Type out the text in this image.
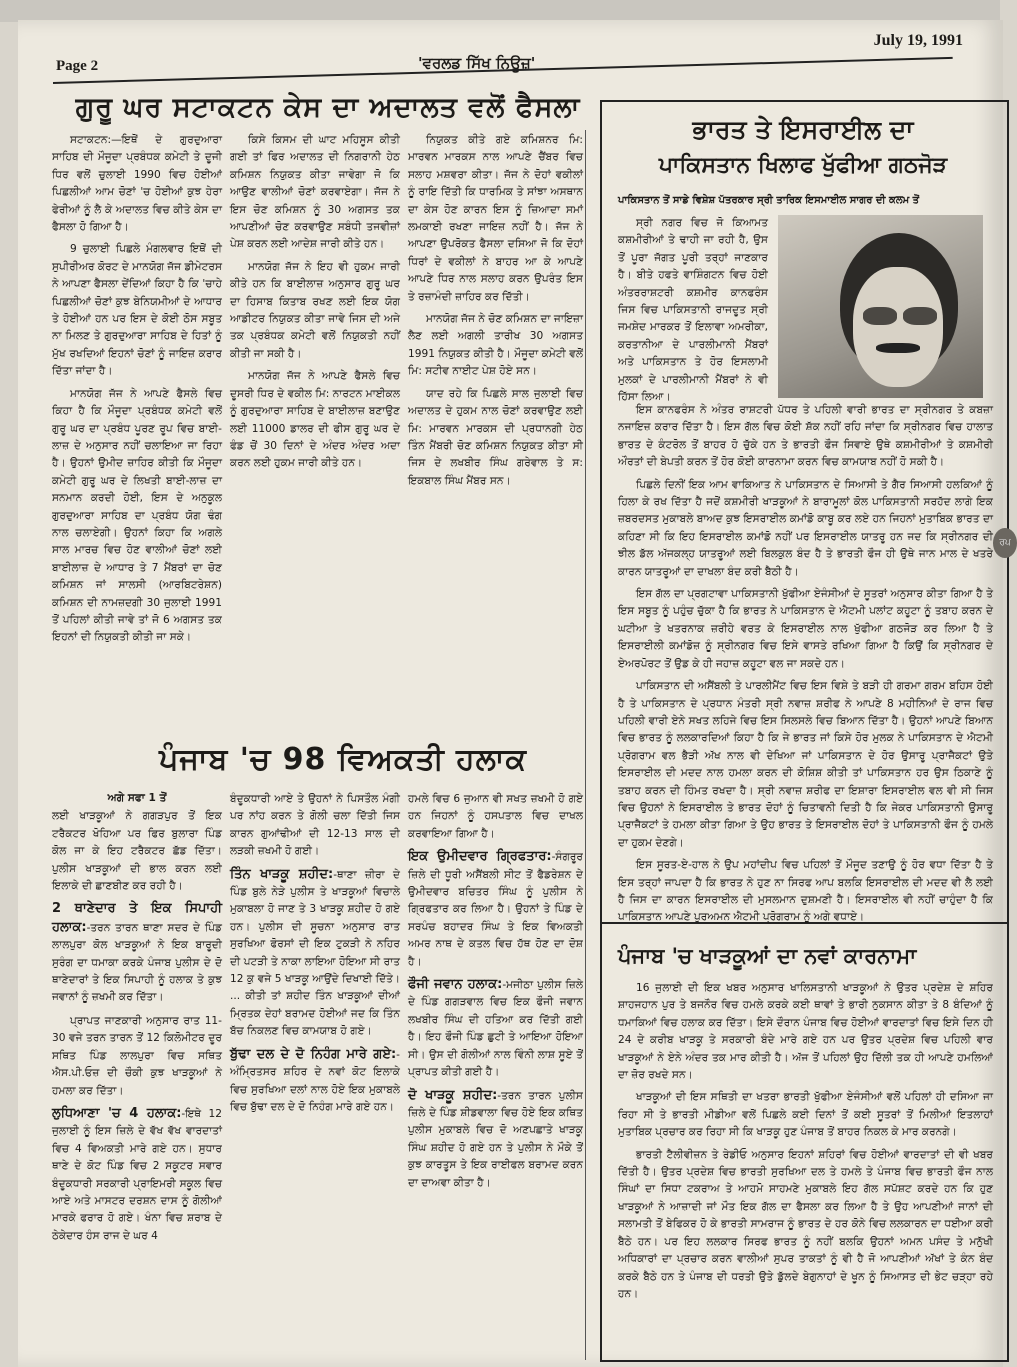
July 19, 1991
Page 2	'ਵਰਲਡ ਸਿੱਖ ਨਿਊਜ਼'
ਗੁਰੂ ਘਰ ਸਟਾਕਟਨ ਕੇਸ ਦਾ ਅਦਾਲਤ ਵਲੋਂ ਫੈਸਲਾ

ਸਟਾਕਟਨ:—ਇਥੋਂ ਦੇ ਗੁਰਦੁਆਰਾ ਸਾਹਿਬ ਦੀ ਮੌਜੂਦਾ ਪ੍ਰਬੰਧਕ ਕਮੇਟੀ ਤੇ ਦੂਜੀ ਧਿਰ ਵਲੋਂ ਚੁਲਾਈ 1990 ਵਿਚ ਹੋਈਆਂ ਪਿਛਲੀਆਂ ਆਮ ਚੋਣਾਂ 'ਚ ਹੋਈਆਂ ਕੁਝ ਹੇਰਾ ਫੇਰੀਆਂ ਨੂੰ ਲੈ ਕੇ ਅਦਾਲਤ ਵਿਚ ਕੀਤੇ ਕੇਸ ਦਾ ਫੈਸਲਾ ਹੋ ਗਿਆ ਹੈ।

9 ਚੁਲਾਈ ਪਿਛਲੇ ਮੰਗਲਵਾਰ ਇਥੋਂ ਦੀ ਸੁਪੀਰੀਅਰ ਕੋਰਟ ਦੇ ਮਾਨਯੋਗ ਜੱਜ ਡੀਮੇਟਰਸ ਨੇ ਆਪਣਾ ਫੈਸਲਾ ਦੇਂਦਿਆਂ ਕਿਹਾ ਹੈ ਕਿ 'ਚਾਹੇ ਪਿਛਲੀਆਂ ਚੋਣਾਂ ਕੁਝ ਬੇਨਿਯਮੀਆਂ ਦੇ ਆਧਾਰ ਤੇ ਹੋਈਆਂ ਹਨ ਪਰ ਇਸ ਦੇ ਕੋਈ ਠੋਸ ਸਬੂਤ ਨਾ ਮਿਲਣ ਤੇ ਗੁਰਦੁਆਰਾ ਸਾਹਿਬ ਦੇ ਹਿਤਾਂ ਨੂੰ ਮੁੱਖ ਰਖਦਿਆਂ ਇਹਨਾਂ ਚੋਣਾਂ ਨੂੰ ਜਾਇਜ਼ ਕਰਾਰ ਦਿੱਤਾ ਜਾਂਦਾ ਹੈ।

ਮਾਨਯੋਗ ਜੱਜ ਨੇ ਆਪਣੇ ਫੈਸਲੇ ਵਿਚ ਕਿਹਾ ਹੈ ਕਿ ਮੌਜੂਦਾ ਪ੍ਰਬੰਧਕ ਕਮੇਟੀ ਵਲੋਂ ਗੁਰੂ ਘਰ ਦਾ ਪ੍ਰਬੰਧ ਪੂਰਣ ਰੂਪ ਵਿਚ ਬਾਈ-ਲਾਜ਼ ਦੇ ਅਨੁਸਾਰ ਨਹੀਂ ਚਲਾਇਆ ਜਾ ਰਿਹਾ ਹੈ। ਉਹਨਾਂ ਉਮੀਦ ਜ਼ਾਹਿਰ ਕੀਤੀ ਕਿ ਮੌਜੂਦਾ ਕਮੇਟੀ ਗੁਰੂ ਘਰ ਦੇ ਲਿਖਤੀ ਬਾਈ-ਲਾਜ਼ ਦਾ ਸਨਮਾਨ ਕਰਦੀ ਹੋਈ, ਇਸ ਦੇ ਅਨੁਕੂਲ ਗੁਰਦੁਆਰਾ ਸਾਹਿਬ ਦਾ ਪ੍ਰਬੰਧ ਯੋਗ ਢੰਗ ਨਾਲ ਚਲਾਏਗੀ। ਉਹਨਾਂ ਕਿਹਾ ਕਿ ਅਗਲੇ ਸਾਲ ਮਾਰਚ ਵਿਚ ਹੋਣ ਵਾਲੀਆਂ ਚੋਣਾਂ ਲਈ ਬਾਈਲਾਜ਼ ਦੇ ਆਧਾਰ ਤੇ 7 ਮੈਂਬਰਾਂ ਦਾ ਚੋਣ ਕਮਿਸ਼ਨ ਜਾਂ ਸਾਲਸੀ (ਆਰਬਿਟਰੇਸ਼ਨ) ਕਮਿਸ਼ਨ ਦੀ ਨਾਮਜ਼ਦਗੀ 30 ਜੁਲਾਈ 1991 ਤੋਂ ਪਹਿਲਾਂ ਕੀਤੀ ਜਾਵੇ ਤਾਂ ਜੋ 6 ਅਗਸਤ ਤਕ ਇਹਨਾਂ ਦੀ ਨਿਯੁਕਤੀ ਕੀਤੀ ਜਾ ਸਕੇ।

ਕਿਸੇ ਕਿਸਮ ਦੀ ਘਾਟ ਮਹਿਸੂਸ ਕੀਤੀ ਗਈ ਤਾਂ ਫਿਰ ਅਦਾਲਤ ਦੀ ਨਿਗਰਾਨੀ ਹੇਠ ਕਮਿਸ਼ਨ ਨਿਯੁਕਤ ਕੀਤਾ ਜਾਵੇਗਾ ਜੋ ਕਿ ਆਉਣ ਵਾਲੀਆਂ ਚੋਣਾਂ ਕਰਵਾਏਗਾ। ਜੱਜ ਨੇ ਇਸ ਚੋਣ ਕਮਿਸ਼ਨ ਨੂੰ 30 ਅਗਸਤ ਤਕ ਆਪਣੀਆਂ ਚੋਣ ਕਰਵਾਉਣ ਸਬੰਧੀ ਤਜਵੀਜ਼ਾਂ ਪੇਸ਼ ਕਰਨ ਲਈ ਆਦੇਸ਼ ਜਾਰੀ ਕੀਤੇ ਹਨ।

ਮਾਨਯੋਗ ਜੱਜ ਨੇ ਇਹ ਵੀ ਹੁਕਮ ਜਾਰੀ ਕੀਤੇ ਹਨ ਕਿ ਬਾਈਲਾਜ਼ ਅਨੁਸਾਰ ਗੁਰੂ ਘਰ ਦਾ ਹਿਸਾਬ ਕਿਤਾਬ ਰਖਣ ਲਈ ਇਕ ਯੋਗ ਆਡੀਟਰ ਨਿਯੁਕਤ ਕੀਤਾ ਜਾਵੇ ਜਿਸ ਦੀ ਅਜੇ ਤਕ ਪ੍ਰਬੰਧਕ ਕਮੇਟੀ ਵਲੋਂ ਨਿਯੁਕਤੀ ਨਹੀਂ ਕੀਤੀ ਜਾ ਸਕੀ ਹੈ।

ਮਾਨਯੋਗ ਜੱਜ ਨੇ ਆਪਣੇ ਫੈਸਲੇ ਵਿਚ ਦੂਸਰੀ ਧਿਰ ਦੇ ਵਕੀਲ ਮਿ: ਨਾਰਟਨ ਮਾਈਕਲ ਨੂੰ ਗੁਰਦੁਆਰਾ ਸਾਹਿਬ ਦੇ ਬਾਈਲਾਜ਼ ਬਣਾਉਣ ਲਈ 11000 ਡਾਲਰ ਦੀ ਫੀਸ ਗੁਰੂ ਘਰ ਦੇ ਫੰਡ ਚੋਂ 30 ਦਿਨਾਂ ਦੇ ਅੰਦਰ ਅੰਦਰ ਅਦਾ ਕਰਨ ਲਈ ਹੁਕਮ ਜਾਰੀ ਕੀਤੇ ਹਨ।

ਨਿਯੁਕਤ ਕੀਤੇ ਗਏ ਕਮਿਸ਼ਨਰ ਮਿ: ਮਾਰਵਨ ਮਾਰਕਸ ਨਾਲ ਆਪਣੇ ਚੈਂਬਰ ਵਿਚ ਸਲਾਹ ਮਸ਼ਵਰਾ ਕੀਤਾ। ਜੱਜ ਨੇ ਦੋਹਾਂ ਵਕੀਲਾਂ ਨੂੰ ਰਾਇ ਦਿੱਤੀ ਕਿ ਧਾਰਮਿਕ ਤੇ ਸਾਂਝਾ ਅਸਥਾਨ ਦਾ ਕੇਸ ਹੋਣ ਕਾਰਨ ਇਸ ਨੂੰ ਜ਼ਿਆਦਾ ਸਮਾਂ ਲਮਕਾਈ ਰਖਣਾ ਜਾਇਜ਼ ਨਹੀਂ ਹੈ। ਜੱਜ ਨੇ ਆਪਣਾ ਉਪਰੋਕਤ ਫੈਸਲਾ ਦਸਿਆ ਜੋ ਕਿ ਦੋਹਾਂ ਧਿਰਾਂ ਦੇ ਵਕੀਲਾਂ ਨੇ ਬਾਹਰ ਆ ਕੇ ਆਪਣੇ ਆਪਣੇ ਧਿਰ ਨਾਲ ਸਲਾਹ ਕਰਨ ਉਪਰੰਤ ਇਸ ਤੇ ਰਜ਼ਾਮੰਦੀ ਜ਼ਾਹਿਰ ਕਰ ਦਿੱਤੀ।

ਮਾਨਯੋਗ ਜੱਜ ਨੇ ਚੋਣ ਕਮਿਸ਼ਨ ਦਾ ਜਾਇਜ਼ਾ ਲੈਣ ਲਈ ਅਗਲੀ ਤਾਰੀਖ 30 ਅਗਸਤ 1991 ਨਿਯੁਕਤ ਕੀਤੀ ਹੈ। ਮੌਜੂਦਾ ਕਮੇਟੀ ਵਲੋਂ ਮਿ: ਸਟੀਵ ਨਾਈਟ ਪੇਸ਼ ਹੋਏ ਸਨ।

ਯਾਦ ਰਹੇ ਕਿ ਪਿਛਲੇ ਸਾਲ ਜੁਲਾਈ ਵਿਚ ਅਦਾਲਤ ਦੇ ਹੁਕਮ ਨਾਲ ਚੋਣਾਂ ਕਰਵਾਉਣ ਲਈ ਮਿ: ਮਾਰਵਨ ਮਾਰਕਸ ਦੀ ਪ੍ਰਧਾਨਗੀ ਹੇਠ ਤਿੰਨ ਮੈਂਬਰੀ ਚੋਣ ਕਮਿਸ਼ਨ ਨਿਯੁਕਤ ਕੀਤਾ ਸੀ ਜਿਸ ਦੇ ਲਖਬੀਰ ਸਿੰਘ ਗਰੇਵਾਲ ਤੇ ਸ: ਇਕਬਾਲ ਸਿੰਘ ਮੈਂਬਰ ਸਨ।

ਪੰਜਾਬ 'ਚ 98 ਵਿਅਕਤੀ ਹਲਾਕ
ਅਗੇ ਸਫਾ 1 ਤੋਂ

ਲਈ ਖਾੜਕੂਆਂ ਨੇ ਗਗੜਪੁਰ ਤੋਂ ਇਕ ਟਰੈਕਟਰ ਖੋਹਿਆ ਪਰ ਫਿਰ ਬੁਲਾਰਾ ਪਿੰਡ ਕੋਲ ਜਾ ਕੇ ਇਹ ਟਰੈਕਟਰ ਛੱਡ ਦਿੱਤਾ। ਪੁਲੀਸ ਖਾੜਕੂਆਂ ਦੀ ਭਾਲ ਕਰਨ ਲਈ ਇਲਾਕੇ ਦੀ ਛਾਣਬੀਣ ਕਰ ਰਹੀ ਹੈ।

2 ਥਾਣੇਦਾਰ ਤੇ ਇਕ ਸਿਪਾਹੀ ਹਲਾਕ:-ਤਰਨ ਤਾਰਨ ਥਾਣਾ ਸਦਰ ਦੇ ਪਿੰਡ ਲਾਲਪੁਰਾ ਕੋਲ ਖਾੜਕੂਆਂ ਨੇ ਇਕ ਬਾਰੂਦੀ ਸੁਰੰਗ ਦਾ ਧਮਾਕਾ ਕਰਕੇ ਪੰਜਾਬ ਪੁਲੀਸ ਦੇ ਦੋ ਥਾਣੇਦਾਰਾਂ ਤੇ ਇਕ ਸਿਪਾਹੀ ਨੂੰ ਹਲਾਕ ਤੇ ਕੁਝ ਜਵਾਨਾਂ ਨੂੰ ਜ਼ਖਮੀ ਕਰ ਦਿੱਤਾ।

ਪ੍ਰਾਪਤ ਜਾਣਕਾਰੀ ਅਨੁਸਾਰ ਰਾਤ 11-30 ਵਜੇ ਤਰਨ ਤਾਰਨ ਤੋਂ 12 ਕਿਲੋਮੀਟਰ ਦੂਰ ਸਥਿਤ ਪਿੰਡ ਲਾਲਪੁਰਾ ਵਿਚ ਸਥਿਤ ਐਸ.ਪੀ.ਓਜ਼ ਦੀ ਚੌਕੀ ਕੁਝ ਖਾੜਕੂਆਂ ਨੇ ਹਮਲਾ ਕਰ ਦਿੱਤਾ।

ਲੁਧਿਆਣਾ 'ਚ 4 ਹਲਾਕ:-ਇਥੇ 12 ਜੁਲਾਈ ਨੂੰ ਇਸ ਜ਼ਿਲੇ ਦੇ ਵੱਖ ਵੱਖ ਵਾਰਦਾਤਾਂ ਵਿਚ 4 ਵਿਅਕਤੀ ਮਾਰੇ ਗਏ ਹਨ। ਸੁਧਾਰ ਥਾਣੇ ਦੇ ਕੋਟ ਪਿੰਡ ਵਿਚ 2 ਸਕੂਟਰ ਸਵਾਰ ਬੰਦੂਕਧਾਰੀ ਸਰਕਾਰੀ ਪ੍ਰਾਇਮਰੀ ਸਕੂਲ ਵਿਚ ਆਏ ਅਤੇ ਮਾਸਟਰ ਦਰਸ਼ਨ ਦਾਸ ਨੂੰ ਗੋਲੀਆਂ ਮਾਰਕੇ ਫਰਾਰ ਹੋ ਗਏ। ਖੰਨਾ ਵਿਚ ਸ਼ਰਾਬ ਦੇ ਠੇਕੇਦਾਰ ਹੰਸ ਰਾਜ ਦੇ ਘਰ 4

ਬੰਦੂਕਧਾਰੀ ਆਏ ਤੇ ਉਹਨਾਂ ਨੇ ਪਿਸਤੌਲ ਮੰਗੀ ਪਰ ਨਾਂਹ ਕਰਨ ਤੇ ਗੋਲੀ ਚਲਾ ਦਿੱਤੀ ਜਿਸ ਕਾਰਨ ਗੁਆਂਢੀਆਂ ਦੀ 12-13 ਸਾਲ ਦੀ ਲੜਕੀ ਜ਼ਖਮੀ ਹੋ ਗਈ।

ਤਿੰਨ ਖਾੜਕੂ ਸ਼ਹੀਦ:-ਥਾਣਾ ਜ਼ੀਰਾ ਦੇ ਪਿੰਡ ਬੁਲੇ ਨੇੜੇ ਪੁਲੀਸ ਤੇ ਖਾੜਕੂਆਂ ਵਿਚਾਲੇ ਮੁਕਾਬਲਾ ਹੋ ਜਾਣ ਤੇ 3 ਖਾੜਕੂ ਸ਼ਹੀਦ ਹੋ ਗਏ ਹਨ। ਪੁਲੀਸ ਦੀ ਸੂਚਨਾ ਅਨੁਸਾਰ ਰਾਤ ਸੁਰਖਿਆ ਫੋਰਸਾਂ ਦੀ ਇਕ ਟੁਕੜੀ ਨੇ ਨਹਿਰ ਦੀ ਪਟੜੀ ਤੇ ਨਾਕਾ ਲਾਇਆ ਹੋਇਆ ਸੀ ਰਾਤ 12 ਕੁ ਵਜੇ 5 ਖਾੜਕੂ ਆਉਂਦੇ ਦਿਖਾਈ ਦਿੱਤੇ। ... ਕੀਤੀ ਤਾਂ ਸ਼ਹੀਦ ਤਿੰਨ ਖਾੜਕੂਆਂ ਦੀਆਂ ਮ੍ਰਿਤਕ ਦੇਹਾਂ ਬਰਾਮਦ ਹੋਈਆਂ ਜਦ ਕਿ ਤਿੰਨ ਬੱਚ ਨਿਕਲਣ ਵਿਚ ਕਾਮਯਾਬ ਹੋ ਗਏ।

ਬੁੱਢਾ ਦਲ ਦੇ ਦੋ ਨਿਹੰਗ ਮਾਰੇ ਗਏ:-ਅੰਮ੍ਰਿਤਸਰ ਸ਼ਹਿਰ ਦੇ ਨਵਾਂ ਕੋਟ ਇਲਾਕੇ ਵਿਚ ਸੁਰਖਿਆ ਦਲਾਂ ਨਾਲ ਹੋਏ ਇਕ ਮੁਕਾਬਲੇ ਵਿਚ ਬੁੱਢਾ ਦਲ ਦੇ ਦੋ ਨਿਹੰਗ ਮਾਰੇ ਗਏ ਹਨ।

ਹਮਲੇ ਵਿਚ 6 ਜੁਆਨ ਵੀ ਸਖਤ ਜ਼ਖਮੀ ਹੋ ਗਏ ਹਨ ਜਿਹਨਾਂ ਨੂੰ ਹਸਪਤਾਲ ਵਿਚ ਦਾਖਲ ਕਰਵਾਇਆ ਗਿਆ ਹੈ।

ਇਕ ਉਮੀਦਵਾਰ ਗ੍ਰਿਫਤਾਰ:-ਸੰਗਰੂਰ ਜ਼ਿਲੇ ਦੀ ਧੂਰੀ ਅਸੈਂਬਲੀ ਸੀਟ ਤੋਂ ਫੈਡਰੇਸ਼ਨ ਦੇ ਉਮੀਦਵਾਰ ਬਚਿਤਰ ਸਿੰਘ ਨੂੰ ਪੁਲੀਸ ਨੇ ਗ੍ਰਿਫਤਾਰ ਕਰ ਲਿਆ ਹੈ। ਉਹਨਾਂ ਤੇ ਪਿੰਡ ਦੇ ਸਰਪੰਚ ਬਹਾਦਰ ਸਿੰਘ ਤੇ ਇਕ ਵਿਅਕਤੀ ਅਮਰ ਨਾਥ ਦੇ ਕਤਲ ਵਿਚ ਹੱਥ ਹੋਣ ਦਾ ਦੋਸ਼ ਹੈ।

ਫੌਜੀ ਜਵਾਨ ਹਲਾਕ:-ਮਜੀਠਾ ਪੁਲੀਸ ਜ਼ਿਲੇ ਦੇ ਪਿੰਡ ਗਗੜਵਾਲ ਵਿਚ ਇਕ ਫੌਜੀ ਜਵਾਨ ਲਖਬੀਰ ਸਿੰਘ ਦੀ ਹਤਿਆ ਕਰ ਦਿੱਤੀ ਗਈ ਹੈ। ਇਹ ਫੌਜੀ ਪਿੰਡ ਛੁਟੀ ਤੇ ਆਇਆ ਹੋਇਆ ਸੀ। ਉਸ ਦੀ ਗੋਲੀਆਂ ਨਾਲ ਵਿੰਨੀ ਲਾਸ਼ ਸੂਏ ਤੋਂ ਪ੍ਰਾਪਤ ਕੀਤੀ ਗਈ ਹੈ।

ਦੋ ਖਾੜਕੂ ਸ਼ਹੀਦ:-ਤਰਨ ਤਾਰਨ ਪੁਲੀਸ ਜ਼ਿਲੇ ਦੇ ਪਿੰਡ ਸ਼ੀਡਵਾਲਾ ਵਿਚ ਹੋਏ ਇਕ ਕਥਿਤ ਪੁਲੀਸ ਮੁਕਾਬਲੇ ਵਿਚ ਦੋ ਅਣਪਛਾਤੇ ਖਾੜਕੂ ਸਿੰਘ ਸ਼ਹੀਦ ਹੋ ਗਏ ਹਨ ਤੇ ਪੁਲੀਸ ਨੇ ਮੌਕੇ ਤੋਂ ਕੁਝ ਕਾਰਤੂਸ ਤੇ ਇਕ ਰਾਈਫਲ ਬਰਾਮਦ ਕਰਨ ਦਾ ਦਾਅਵਾ ਕੀਤਾ ਹੈ।

ਭਾਰਤ ਤੇ ਇਸਰਾਈਲ ਦਾ
ਪਾਕਿਸਤਾਨ ਖਿਲਾਫ ਖੁੱਫੀਆ ਗਠਜੋੜ
ਪਾਕਿਸਤਾਨ ਤੋਂ ਸਾਡੇ ਵਿਸ਼ੇਸ਼ ਪੱਤਰਕਾਰ ਸ੍ਰੀ ਤਾਰਿਕ ਇਸਮਾਈਲ ਸਾਗਰ ਦੀ ਕਲਮ ਤੋਂ

ਸ੍ਰੀ ਨਗਰ ਵਿਚ ਜੋ ਕਿਆਮਤ ਕਸ਼ਮੀਰੀਆਂ ਤੇ ਢਾਹੀ ਜਾ ਰਹੀ ਹੈ, ਉਸ ਤੋਂ ਪੂਰਾ ਜੱਗਤ ਪੂਰੀ ਤਰ੍ਹਾਂ ਜਾਣਕਾਰ ਹੈ। ਬੀਤੇ ਹਫਤੇ ਵਾਸ਼ਿੰਗਟਨ ਵਿਚ ਹੋਈ ਅੰਤਰਰਾਸ਼ਟਰੀ ਕਸ਼ਮੀਰ ਕਾਨਫਰੰਸ ਜਿਸ ਵਿਚ ਪਾਕਿਸਤਾਨੀ ਰਾਜਦੂਤ ਸ੍ਰੀ ਜਮਸ਼ੇਦ ਮਾਰਕਰ ਤੋਂ ਇਲਾਵਾ ਅਮਰੀਕਾ, ਕਰਤਾਨੀਆ ਦੇ ਪਾਰਲੀਮਾਨੀ ਮੈਂਬਰਾਂ ਅਤੇ ਪਾਕਿਸਤਾਨ ਤੇ ਹੋਰ ਇਸਲਾਮੀ ਮੁਲਕਾਂ ਦੇ ਪਾਰਲੀਮਾਨੀ ਮੈਂਬਰਾਂ ਨੇ ਵੀ ਹਿੱਸਾ ਲਿਆ।

ਇਸ ਕਾਨਫਰੰਸ ਨੇ ਅੰਤਰ ਰਾਸ਼ਟਰੀ ਪੱਧਰ ਤੇ ਪਹਿਲੀ ਵਾਰੀ ਭਾਰਤ ਦਾ ਸ੍ਰੀਨਗਰ ਤੇ ਕਬਜ਼ਾ ਨਜਾਇਜ਼ ਕਰਾਰ ਦਿੱਤਾ ਹੈ। ਇਸ ਗੱਲ ਵਿਚ ਕੋਈ ਸ਼ੱਕ ਨਹੀਂ ਰਹਿ ਜਾਂਦਾ ਕਿ ਸ੍ਰੀਨਗਰ ਵਿਚ ਹਾਲਾਤ ਭਾਰਤ ਦੇ ਕੰਟਰੋਲ ਤੋਂ ਬਾਹਰ ਹੋ ਚੁੱਕੇ ਹਨ ਤੇ ਭਾਰਤੀ ਫੌਜ ਸਿਵਾਏ ਉਥੇ ਕਸ਼ਮੀਰੀਆਂ ਤੇ ਕਸ਼ਮੀਰੀ ਔਰਤਾਂ ਦੀ ਬੇਪਤੀ ਕਰਨ ਤੋਂ ਹੋਰ ਕੋਈ ਕਾਰਨਾਮਾ ਕਰਨ ਵਿਚ ਕਾਮਯਾਬ ਨਹੀਂ ਹੋ ਸਕੀ ਹੈ।

ਪਿਛਲੇ ਦਿਨੀਂ ਇਕ ਆਮ ਵਾਕਿਆਤ ਨੇ ਪਾਕਿਸਤਾਨ ਦੇ ਸਿਆਸੀ ਤੇ ਗੈਰ ਸਿਆਸੀ ਹਲਕਿਆਂ ਨੂੰ ਹਿਲਾ ਕੇ ਰਖ ਦਿੱਤਾ ਹੈ ਜਦੋਂ ਕਸ਼ਮੀਰੀ ਖਾੜਕੂਆਂ ਨੇ ਬਾਰਾਮੂਲਾਂ ਕੋਲ ਪਾਕਿਸਤਾਨੀ ਸਰਹੱਦ ਲਾਗੇ ਇਕ ਜ਼ਬਰਦਸਤ ਮੁਕਾਬਲੇ ਬਾਅਦ ਕੁਝ ਇਸਰਾਈਲ ਕਮਾਂਡੋ ਕਾਬੂ ਕਰ ਲਏ ਹਨ ਜਿਹਨਾਂ ਮੁਤਾਬਿਕ ਭਾਰਤ ਦਾ ਕਹਿਣਾ ਸੀ ਕਿ ਇਹ ਇਸਰਾਈਲ ਕਮਾਂਡੋ ਨਹੀਂ ਪਰ ਇਸਰਾਈਲ ਯਾਤਰੂ ਹਨ ਜਦ ਕਿ ਸ੍ਰੀਨਗਰ ਦੀ ਝੀਲ ਡੱਲ ਅੱਜਕਲ੍ਹ ਯਾਤਰੂਆਂ ਲਈ ਬਿਲਕੁਲ ਬੰਦ ਹੈ ਤੇ ਭਾਰਤੀ ਫੌਜ ਹੀ ਉਥੇ ਜਾਨ ਮਾਲ ਦੇ ਖਤਰੇ ਕਾਰਨ ਯਾਤਰੂਆਂ ਦਾ ਦਾਖਲਾ ਬੰਦ ਕਰੀ ਬੈਠੀ ਹੈ।

ਇਸ ਗੱਲ ਦਾ ਪ੍ਰਗਟਾਵਾ ਪਾਕਿਸਤਾਨੀ ਖੁੱਫੀਆ ਏਜੰਸੀਆਂ ਦੇ ਸੂਤਰਾਂ ਅਨੁਸਾਰ ਕੀਤਾ ਗਿਆ ਹੈ ਤੇ ਇਸ ਸਬੂਤ ਨੂੰ ਪਹੁੰਚ ਚੁੱਕਾ ਹੈ ਕਿ ਭਾਰਤ ਨੇ ਪਾਕਿਸਤਾਨ ਦੇ ਐਟਮੀ ਪਲਾਂਟ ਕਹੂਟਾ ਨੂੰ ਤਬਾਹ ਕਰਨ ਦੇ ਘਟੀਆ ਤੇ ਖਤਰਨਾਕ ਜ਼ਰੀਹੇ ਵਰਤ ਕੇ ਇਸਰਾਈਲ ਨਾਲ ਖੁੱਫੀਆ ਗਠਜੋੜ ਕਰ ਲਿਆ ਹੈ ਤੇ ਇਸਰਾਈਲੀ ਕਮਾਂਡੋਜ਼ ਨੂੰ ਸ੍ਰੀਨਗਰ ਵਿਚ ਇਸੇ ਵਾਸਤੇ ਰਖਿਆ ਗਿਆ ਹੈ ਕਿਉਂ ਕਿ ਸ੍ਰੀਨਗਰ ਦੇ ਏਅਰਪੋਰਟ ਤੋਂ ਉਡ ਕੇ ਹੀ ਜਹਾਜ਼ ਕਹੂਟਾ ਵਲ ਜਾ ਸਕਦੇ ਹਨ।

ਪਾਕਿਸਤਾਨ ਦੀ ਅਸੈਂਬਲੀ ਤੇ ਪਾਰਲੀਮੈਂਟ ਵਿਚ ਇਸ ਵਿਸ਼ੇ ਤੇ ਬੜੀ ਹੀ ਗਰਮਾ ਗਰਮ ਬਹਿਸ ਹੋਈ ਹੈ ਤੇ ਪਾਕਿਸਤਾਨ ਦੇ ਪ੍ਰਧਾਨ ਮੰਤਰੀ ਸ੍ਰੀ ਨਵਾਜ਼ ਸ਼ਰੀਫ ਨੇ ਆਪਣੇ 8 ਮਹੀਨਿਆਂ ਦੇ ਰਾਜ ਵਿਚ ਪਹਿਲੀ ਵਾਰੀ ਏਨੇ ਸਖਤ ਲਹਿਜੇ ਵਿਚ ਇਸ ਸਿਲਸਲੇ ਵਿਚ ਬਿਆਨ ਦਿੱਤਾ ਹੈ। ਉਹਨਾਂ ਆਪਣੇ ਬਿਆਨ ਵਿਚ ਭਾਰਤ ਨੂੰ ਲਲਕਾਰਦਿਆਂ ਕਿਹਾ ਹੈ ਕਿ ਜੇ ਭਾਰਤ ਜਾਂ ਕਿਸੇ ਹੋਰ ਮੁਲਕ ਨੇ ਪਾਕਿਸਤਾਨ ਦੇ ਐਟਮੀ ਪ੍ਰੋਗਰਾਮ ਵਲ ਭੈੜੀ ਅੱਖ ਨਾਲ ਵੀ ਦੇਖਿਆ ਜਾਂ ਪਾਕਿਸਤਾਨ ਦੇ ਹੋਰ ਉਸਾਰੂ ਪ੍ਰਾਜੈਕਟਾਂ ਉਤੇ ਇਸਰਾਈਲ ਦੀ ਮਦਦ ਨਾਲ ਹਮਲਾ ਕਰਨ ਦੀ ਕੋਸ਼ਿਸ਼ ਕੀਤੀ ਤਾਂ ਪਾਕਿਸਤਾਨ ਹਰ ਉਸ ਠਿਕਾਣੇ ਨੂੰ ਤਬਾਹ ਕਰਨ ਦੀ ਹਿੰਮਤ ਰਖਦਾ ਹੈ। ਸ੍ਰੀ ਨਵਾਜ਼ ਸ਼ਰੀਫ ਦਾ ਇਸ਼ਾਰਾ ਇਸਰਾਈਲ ਵਲ ਵੀ ਸੀ ਜਿਸ ਵਿਚ ਉਹਨਾਂ ਨੇ ਇਸਰਾਈਲ ਤੇ ਭਾਰਤ ਦੋਹਾਂ ਨੂੰ ਚਿਤਾਵਨੀ ਦਿਤੀ ਹੈ ਕਿ ਜੇਕਰ ਪਾਕਿਸਤਾਨੀ ਉਸਾਰੂ ਪ੍ਰਾਜੈਕਟਾਂ ਤੇ ਹਮਲਾ ਕੀਤਾ ਗਿਆ ਤੇ ਉਹ ਭਾਰਤ ਤੇ ਇਸਰਾਈਲ ਦੋਹਾਂ ਤੇ ਪਾਕਿਸਤਾਨੀ ਫੌਜ ਨੂੰ ਹਮਲੇ ਦਾ ਹੁਕਮ ਦੇਣਗੇ।

ਇਸ ਸੂਰਤ-ਏ-ਹਾਲ ਨੇ ਉਪ ਮਹਾਂਦੀਪ ਵਿਚ ਪਹਿਲਾਂ ਤੋਂ ਮੌਜੂਦ ਤਣਾਉ ਨੂੰ ਹੋਰ ਵਧਾ ਦਿੱਤਾ ਹੈ ਤੇ ਇਸ ਤਰ੍ਹਾਂ ਜਾਪਦਾ ਹੈ ਕਿ ਭਾਰਤ ਨੇ ਹੁਣ ਨਾ ਸਿਰਫ ਆਪ ਬਲਕਿ ਇਸਰਾਈਲ ਦੀ ਮਦਦ ਵੀ ਲੈ ਲਈ ਹੈ ਜਿਸ ਦਾ ਕਾਰਨ ਇਸਰਾਈਲ ਦੀ ਮੁਸਲਮਾਨ ਦੁਸ਼ਮਣੀ ਹੈ। ਇਸਰਾਈਲ ਵੀ ਨਹੀਂ ਚਾਹੁੰਦਾ ਹੈ ਕਿ ਪਾਕਿਸਤਾਨ ਆਪਣੇ ਪੁਰਅਮਨ ਐਟਮੀ ਪ੍ਰੋਗਰਾਮ ਨੂੰ ਅਗੇ ਵਧਾਏ।

ਪੰਜਾਬ 'ਚ ਖਾੜਕੂਆਂ ਦਾ ਨਵਾਂ ਕਾਰਨਾਮਾ

16 ਜੁਲਾਈ ਦੀ ਇਕ ਖਬਰ ਅਨੁਸਾਰ ਖਾਲਿਸਤਾਨੀ ਖਾੜਕੂਆਂ ਨੇ ਉਤਰ ਪ੍ਰਦੇਸ਼ ਦੇ ਸ਼ਹਿਰ ਸ਼ਾਹਜਹਾਨ ਪੁਰ ਤੇ ਬਜਨੌਰ ਵਿਚ ਹਮਲੇ ਕਰਕੇ ਕਈ ਥਾਵਾਂ ਤੇ ਭਾਰੀ ਨੁਕਸਾਨ ਕੀਤਾ ਤੇ 8 ਬੰਦਿਆਂ ਨੂੰ ਧਮਾਕਿਆਂ ਵਿਚ ਹਲਾਕ ਕਰ ਦਿੱਤਾ। ਇਸੇ ਦੌਰਾਨ ਪੰਜਾਬ ਵਿਚ ਹੋਈਆਂ ਵਾਰਦਾਤਾਂ ਵਿਚ ਇਸੇ ਦਿਨ ਹੀ 24 ਦੇ ਕਰੀਬ ਖਾੜਕੂ ਤੇ ਸਰਕਾਰੀ ਬੰਦੇ ਮਾਰੇ ਗਏ ਹਨ ਪਰ ਉਤਰ ਪ੍ਰਦੇਸ਼ ਵਿਚ ਪਹਿਲੀ ਵਾਰ ਖਾੜਕੂਆਂ ਨੇ ਏਨੇ ਅੰਦਰ ਤਕ ਮਾਰ ਕੀਤੀ ਹੈ। ਅੱਜ ਤੋਂ ਪਹਿਲਾਂ ਉਹ ਦਿੱਲੀ ਤਕ ਹੀ ਆਪਣੇ ਹਮਲਿਆਂ ਦਾ ਜ਼ੋਰ ਰਖਦੇ ਸਨ।

ਖਾੜਕੂਆਂ ਦੀ ਇਸ ਸਥਿਤੀ ਦਾ ਖਤਰਾ ਭਾਰਤੀ ਖੁੱਫੀਆ ਏਜੰਸੀਆਂ ਵਲੋਂ ਪਹਿਲਾਂ ਹੀ ਦਸਿਆ ਜਾ ਰਿਹਾ ਸੀ ਤੇ ਭਾਰਤੀ ਮੀਡੀਆ ਵਲੋਂ ਪਿਛਲੇ ਕਈ ਦਿਨਾਂ ਤੋਂ ਕਈ ਸੂਤਰਾਂ ਤੋਂ ਮਿਲੀਆਂ ਇਤਲਾਹਾਂ ਮੁਤਾਬਿਕ ਪ੍ਰਚਾਰ ਕਰ ਰਿਹਾ ਸੀ ਕਿ ਖਾੜਕੂ ਹੁਣ ਪੰਜਾਬ ਤੋਂ ਬਾਹਰ ਨਿਕਲ ਕੇ ਮਾਰ ਕਰਨਗੇ।

ਭਾਰਤੀ ਟੈਲੀਵੀਜ਼ਨ ਤੇ ਰੇਡੀਓ ਅਨੁਸਾਰ ਇਹਨਾਂ ਸ਼ਹਿਰਾਂ ਵਿਚ ਹੋਈਆਂ ਵਾਰਦਾਤਾਂ ਦੀ ਵੀ ਖਬਰ ਦਿੱਤੀ ਹੈ। ਉਤਰ ਪ੍ਰਦੇਸ਼ ਵਿਚ ਭਾਰਤੀ ਸੁਰਖਿਆ ਦਲ ਤੇ ਹਮਲੇ ਤੇ ਪੰਜਾਬ ਵਿਚ ਭਾਰਤੀ ਫੌਜ ਨਾਲ ਸਿੰਘਾਂ ਦਾ ਸਿਧਾ ਟਕਰਾਅ ਤੇ ਆਹਮੋ ਸਾਹਮਣੇ ਮੁਕਾਬਲੇ ਇਹ ਗੱਲ ਸਪੱਸ਼ਟ ਕਰਦੇ ਹਨ ਕਿ ਹੁਣ ਖਾੜਕੂਆਂ ਨੇ ਆਜ਼ਾਦੀ ਜਾਂ ਮੌਤ ਇਕ ਗੱਲ ਦਾ ਫੈਸਲਾ ਕਰ ਲਿਆ ਹੈ ਤੇ ਉਹ ਆਪਣੀਆਂ ਜਾਨਾਂ ਦੀ ਸਲਾਮਤੀ ਤੋਂ ਬੇਫਿਕਰ ਹੋ ਕੇ ਭਾਰਤੀ ਸਾਮਰਾਜ ਨੂੰ ਭਾਰਤ ਦੇ ਹਰ ਕੋਨੇ ਵਿਚ ਲਲਕਾਰਨ ਦਾ ਧਈਆ ਕਰੀ ਬੈਠੇ ਹਨ। ਪਰ ਇਹ ਲਲਕਾਰ ਸਿਰਫ ਭਾਰਤ ਨੂੰ ਨਹੀਂ ਬਲਕਿ ਉਹਨਾਂ ਅਮਨ ਪਸੰਦ ਤੇ ਮਨੁੱਖੀ ਅਧਿਕਾਰਾਂ ਦਾ ਪ੍ਰਚਾਰ ਕਰਨ ਵਾਲੀਆਂ ਸੁਪਰ ਤਾਕਤਾਂ ਨੂੰ ਵੀ ਹੈ ਜੋ ਆਪਣੀਆਂ ਅੱਖਾਂ ਤੇ ਕੰਨ ਬੰਦ ਕਰਕੇ ਬੈਠੇ ਹਨ ਤੇ ਪੰਜਾਬ ਦੀ ਧਰਤੀ ਉਤੇ ਡੁੱਲਦੇ ਬੇਗੁਨਾਹਾਂ ਦੇ ਖੂਨ ਨੂੰ ਸਿਆਸਤ ਦੀ ਭੇਟ ਚੜ੍ਹਾ ਰਹੇ ਹਨ।

ਰਪ
